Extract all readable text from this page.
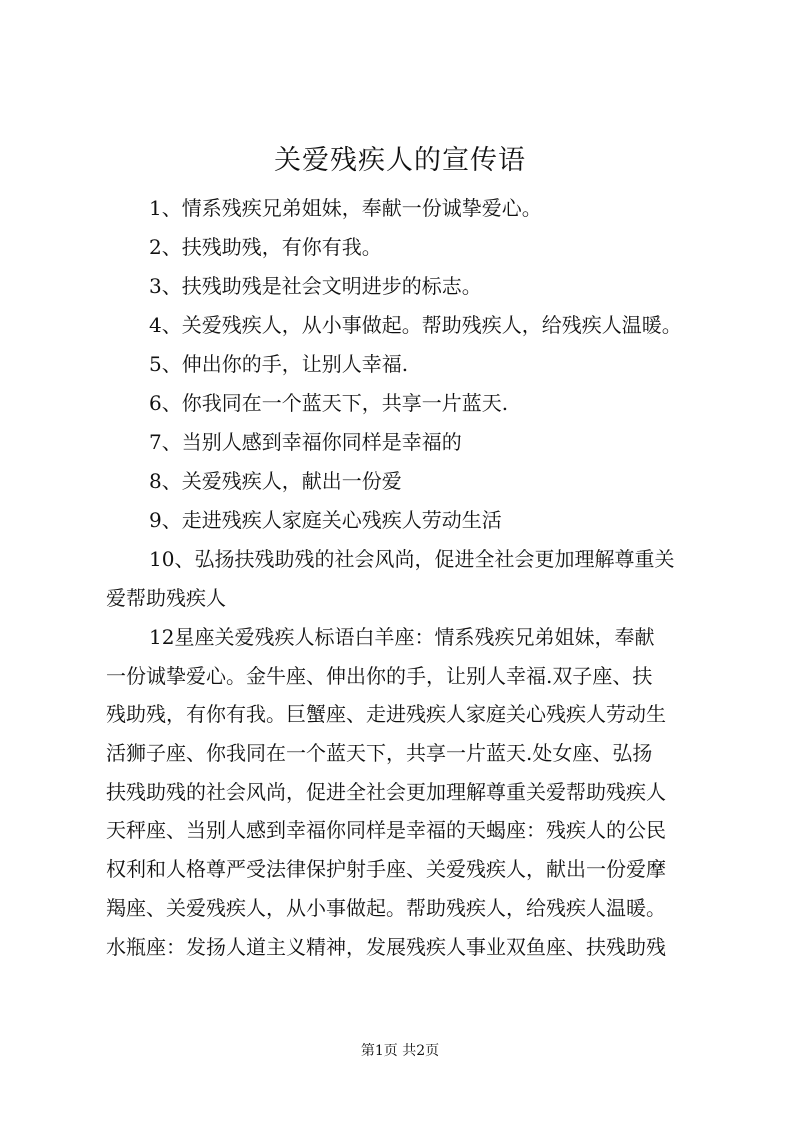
关爱残疾人的宣传语

1、情系残疾兄弟姐妹，奉献一份诚挚爱心。

2、扶残助残，有你有我。

3、扶残助残是社会文明进步的标志。

4、关爱残疾人，从小事做起。帮助残疾人，给残疾人温暖。

5、伸出你的手，让别人幸福.

6、你我同在一个蓝天下，共享一片蓝天.

7、当别人感到幸福你同样是幸福的

8、关爱残疾人，献出一份爱

9、走进残疾人家庭关心残疾人劳动生活

10、弘扬扶残助残的社会风尚，促进全社会更加理解尊重关
爱帮助残疾人
12星座关爱残疾人标语白羊座：情系残疾兄弟姐妹，奉献
一份诚挚爱心。金牛座、伸出你的手，让别人幸福.双子座、扶
残助残，有你有我。巨蟹座、走进残疾人家庭关心残疾人劳动生
活狮子座、你我同在一个蓝天下，共享一片蓝天.处女座、弘扬
扶残助残的社会风尚，促进全社会更加理解尊重关爱帮助残疾人
天秤座、当别人感到幸福你同样是幸福的天蝎座：残疾人的公民
权利和人格尊严受法律保护射手座、关爱残疾人，献出一份爱摩
羯座、关爱残疾人，从小事做起。帮助残疾人，给残疾人温暖。
水瓶座：发扬人道主义精神，发展残疾人事业双鱼座、扶残助残

第1页 共2页
